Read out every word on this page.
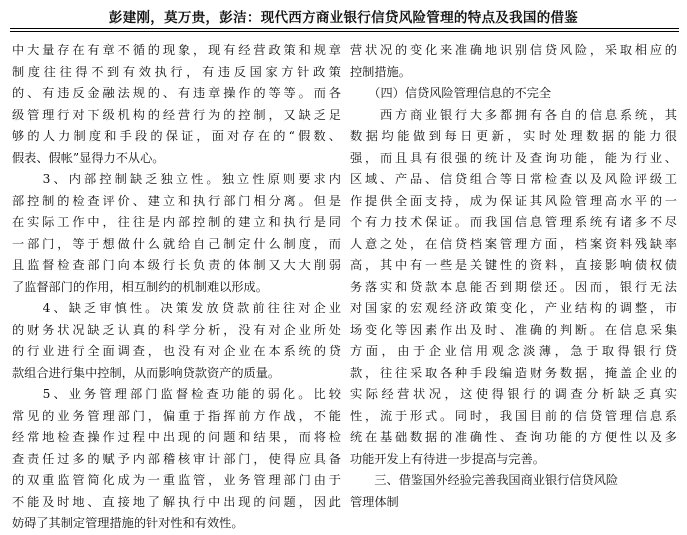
彭建刚，莫万贵，彭洁：现代西方商业银行信贷风险管理的特点及我国的借鉴
中大量存在有章不循的现象，现有经营政策和规章
制度往往得不到有效执行，有违反国家方针政策
的、有违反金融法规的、有违章操作的等等。而各
级管理行对下级机构的经营行为的控制，又缺乏足
够的人力制度和手段的保证，面对存在的“假数、
假表、假帐”显得力不从心。
　　3、内部控制缺乏独立性。独立性原则要求内
部控制的检查评价、建立和执行部门相分离。但是
在实际工作中，往往是内部控制的建立和执行是同
一部门，等于想做什么就给自己制定什么制度，而
且监督检查部门向本级行长负责的体制又大大削弱
了监督部门的作用，相互制约的机制难以形成。
　　4、缺乏审慎性。决策发放贷款前往往对企业
的财务状况缺乏认真的科学分析，没有对企业所处
的行业进行全面调查，也没有对企业在本系统的贷
款组合进行集中控制，从而影响贷款资产的质量。
　　5、业务管理部门监督检查功能的弱化。比较
常见的业务管理部门，偏重于指挥前方作战，不能
经常地检查操作过程中出现的问题和结果，而将检
查责任过多的赋予内部稽核审计部门，使得应具备
的双重监管简化成为一重监管，业务管理部门由于
不能及时地、直接地了解执行中出现的问题，因此
妨碍了其制定管理措施的针对性和有效性。
营状况的变化来准确地识别信贷风险，采取相应的
控制措施。
　　（四）信贷风险管理信息的不完全
　　西方商业银行大多都拥有各自的信息系统，其
数据均能做到每日更新，实时处理数据的能力很
强，而且具有很强的统计及查询功能，能为行业、
区域、产品、信贷组合等日常检查以及风险评级工
作提供全面支持，成为保证其风险管理高水平的一
个有力技术保证。而我国信息管理系统有诸多不尽
人意之处，在信贷档案管理方面，档案资料残缺率
高，其中有一些是关键性的资料，直接影响债权债
务落实和贷款本息能否到期偿还。因而，银行无法
对国家的宏观经济政策变化，产业结构的调整，市
场变化等因素作出及时、准确的判断。在信息采集
方面，由于企业信用观念淡薄，急于取得银行贷
款，往往采取各种手段编造财务数据，掩盖企业的
实际经营状况，这使得银行的调查分析缺乏真实
性，流于形式。同时，我国目前的信贷管理信息系
统在基础数据的准确性、查询功能的方便性以及多
功能开发上有待进一步提高与完善。
　　三、借鉴国外经验完善我国商业银行信贷风险
管理体制
